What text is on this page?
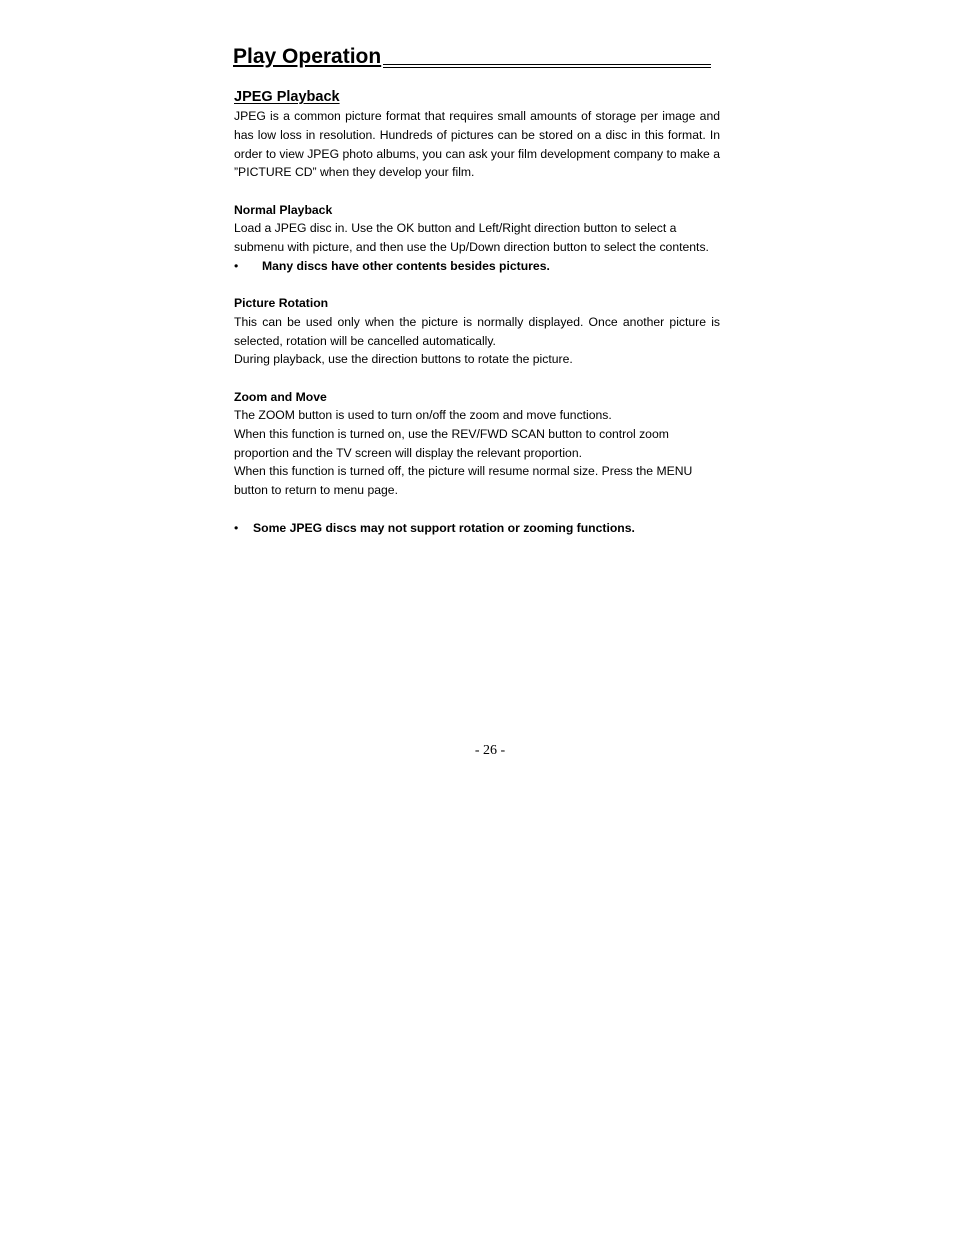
Play Operation
JPEG Playback
JPEG is a common picture format that requires small amounts of storage per image and has low loss in resolution. Hundreds of pictures can be stored on a disc in this format. In order to view JPEG photo albums, you can ask your film development company to make a ”PICTURE CD” when they develop your film.
Normal Playback
Load a JPEG disc in. Use the OK button and Left/Right direction button to select a
submenu with picture, and then use the Up/Down direction button to select the contents.
• Many discs have other contents besides pictures.
Picture Rotation
This can be used only when the picture is normally displayed. Once another picture is selected, rotation will be cancelled automatically.
During playback, use the direction buttons to rotate the picture.
Zoom and Move
The ZOOM button is used to turn on/off the zoom and move functions.
When this function is turned on, use the REV/FWD SCAN button to control zoom
proportion and the TV screen will display the relevant proportion.
When this function is turned off, the picture will resume normal size. Press the MENU
button to return to menu page.
• Some JPEG discs may not support rotation or zooming functions.
- 26 -
